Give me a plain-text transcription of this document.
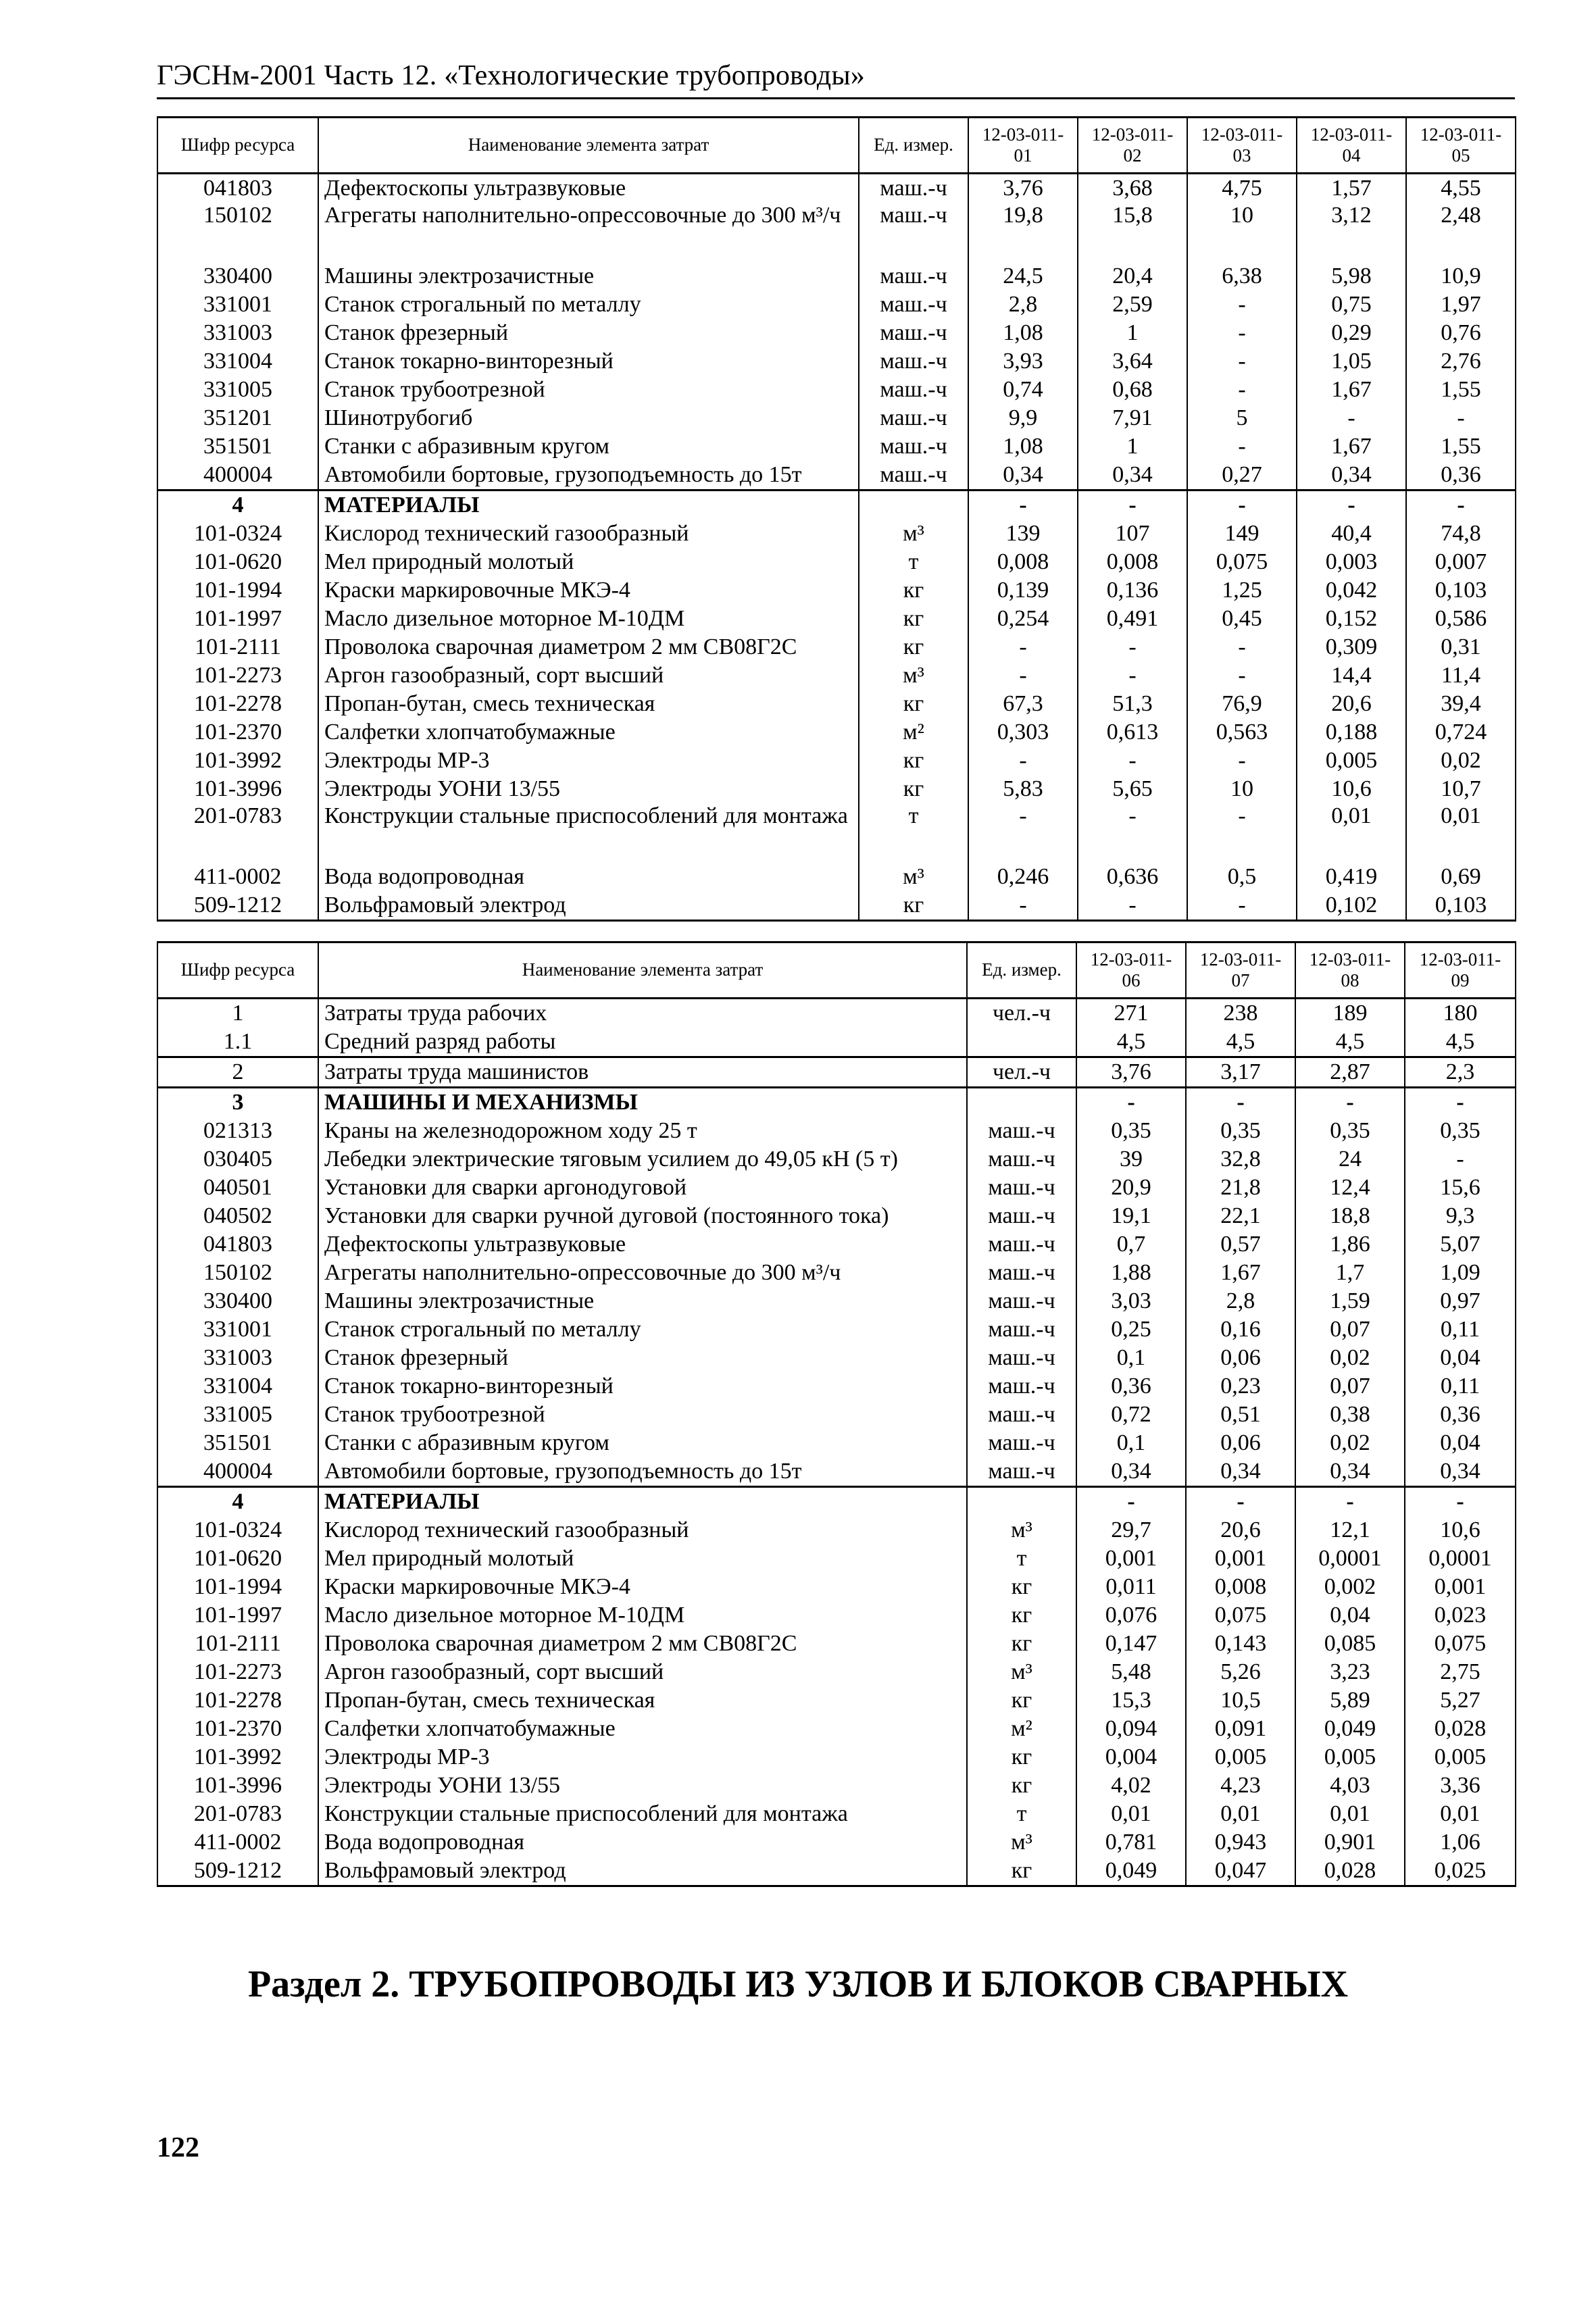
ГЭСНм-2001 Часть 12. «Технологические трубопроводы»
Шифр ресурса	Наименование элемента затрат	Ед. измер.	12-03-011-01	12-03-011-02	12-03-011-03	12-03-011-04	12-03-011-05
041803	Дефектоскопы ультразвуковые	маш.-ч	3,76	3,68	4,75	1,57	4,55
150102	Агрегаты наполнительно-опрессовочные до 300 м³/ч	маш.-ч	19,8	15,8	10	3,12	2,48
330400	Машины электрозачистные	маш.-ч	24,5	20,4	6,38	5,98	10,9
331001	Станок строгальный по металлу	маш.-ч	2,8	2,59	-	0,75	1,97
331003	Станок фрезерный	маш.-ч	1,08	1	-	0,29	0,76
331004	Станок токарно-винторезный	маш.-ч	3,93	3,64	-	1,05	2,76
331005	Станок трубоотрезной	маш.-ч	0,74	0,68	-	1,67	1,55
351201	Шинотрубогиб	маш.-ч	9,9	7,91	5	-	-
351501	Станки с абразивным кругом	маш.-ч	1,08	1	-	1,67	1,55
400004	Автомобили бортовые, грузоподъемность до 15т	маш.-ч	0,34	0,34	0,27	0,34	0,36
4	МАТЕРИАЛЫ		-	-	-	-	-
101-0324	Кислород технический газообразный	м³	139	107	149	40,4	74,8
101-0620	Мел природный молотый	т	0,008	0,008	0,075	0,003	0,007
101-1994	Краски маркировочные МКЭ-4	кг	0,139	0,136	1,25	0,042	0,103
101-1997	Масло дизельное моторное М-10ДМ	кг	0,254	0,491	0,45	0,152	0,586
101-2111	Проволока сварочная диаметром 2 мм СВ08Г2С	кг	-	-	-	0,309	0,31
101-2273	Аргон газообразный, сорт высший	м³	-	-	-	14,4	11,4
101-2278	Пропан-бутан, смесь техническая	кг	67,3	51,3	76,9	20,6	39,4
101-2370	Салфетки хлопчатобумажные	м²	0,303	0,613	0,563	0,188	0,724
101-3992	Электроды МР-3	кг	-	-	-	0,005	0,02
101-3996	Электроды УОНИ 13/55	кг	5,83	5,65	10	10,6	10,7
201-0783	Конструкции стальные приспособлений для монтажа	т	-	-	-	0,01	0,01
411-0002	Вода водопроводная	м³	0,246	0,636	0,5	0,419	0,69
509-1212	Вольфрамовый электрод	кг	-	-	-	0,102	0,103
Шифр ресурса	Наименование элемента затрат	Ед. измер.	12-03-011-06	12-03-011-07	12-03-011-08	12-03-011-09
1	Затраты труда рабочих	чел.-ч	271	238	189	180
1.1	Средний разряд работы		4,5	4,5	4,5	4,5
2	Затраты труда машинистов	чел.-ч	3,76	3,17	2,87	2,3
3	МАШИНЫ И МЕХАНИЗМЫ		-	-	-	-
021313	Краны на железнодорожном ходу 25 т	маш.-ч	0,35	0,35	0,35	0,35
030405	Лебедки электрические тяговым усилием до 49,05 кН (5 т)	маш.-ч	39	32,8	24	-
040501	Установки для сварки аргонодуговой	маш.-ч	20,9	21,8	12,4	15,6
040502	Установки для сварки ручной дуговой (постоянного тока)	маш.-ч	19,1	22,1	18,8	9,3
041803	Дефектоскопы ультразвуковые	маш.-ч	0,7	0,57	1,86	5,07
150102	Агрегаты наполнительно-опрессовочные до 300 м³/ч	маш.-ч	1,88	1,67	1,7	1,09
330400	Машины электрозачистные	маш.-ч	3,03	2,8	1,59	0,97
331001	Станок строгальный по металлу	маш.-ч	0,25	0,16	0,07	0,11
331003	Станок фрезерный	маш.-ч	0,1	0,06	0,02	0,04
331004	Станок токарно-винторезный	маш.-ч	0,36	0,23	0,07	0,11
331005	Станок трубоотрезной	маш.-ч	0,72	0,51	0,38	0,36
351501	Станки с абразивным кругом	маш.-ч	0,1	0,06	0,02	0,04
400004	Автомобили бортовые, грузоподъемность до 15т	маш.-ч	0,34	0,34	0,34	0,34
4	МАТЕРИАЛЫ		-	-	-	-
101-0324	Кислород технический газообразный	м³	29,7	20,6	12,1	10,6
101-0620	Мел природный молотый	т	0,001	0,001	0,0001	0,0001
101-1994	Краски маркировочные МКЭ-4	кг	0,011	0,008	0,002	0,001
101-1997	Масло дизельное моторное М-10ДМ	кг	0,076	0,075	0,04	0,023
101-2111	Проволока сварочная диаметром 2 мм СВ08Г2С	кг	0,147	0,143	0,085	0,075
101-2273	Аргон газообразный, сорт высший	м³	5,48	5,26	3,23	2,75
101-2278	Пропан-бутан, смесь техническая	кг	15,3	10,5	5,89	5,27
101-2370	Салфетки хлопчатобумажные	м²	0,094	0,091	0,049	0,028
101-3992	Электроды МР-3	кг	0,004	0,005	0,005	0,005
101-3996	Электроды УОНИ 13/55	кг	4,02	4,23	4,03	3,36
201-0783	Конструкции стальные приспособлений для монтажа	т	0,01	0,01	0,01	0,01
411-0002	Вода водопроводная	м³	0,781	0,943	0,901	1,06
509-1212	Вольфрамовый электрод	кг	0,049	0,047	0,028	0,025
Раздел 2. ТРУБОПРОВОДЫ ИЗ УЗЛОВ И БЛОКОВ СВАРНЫХ
122
